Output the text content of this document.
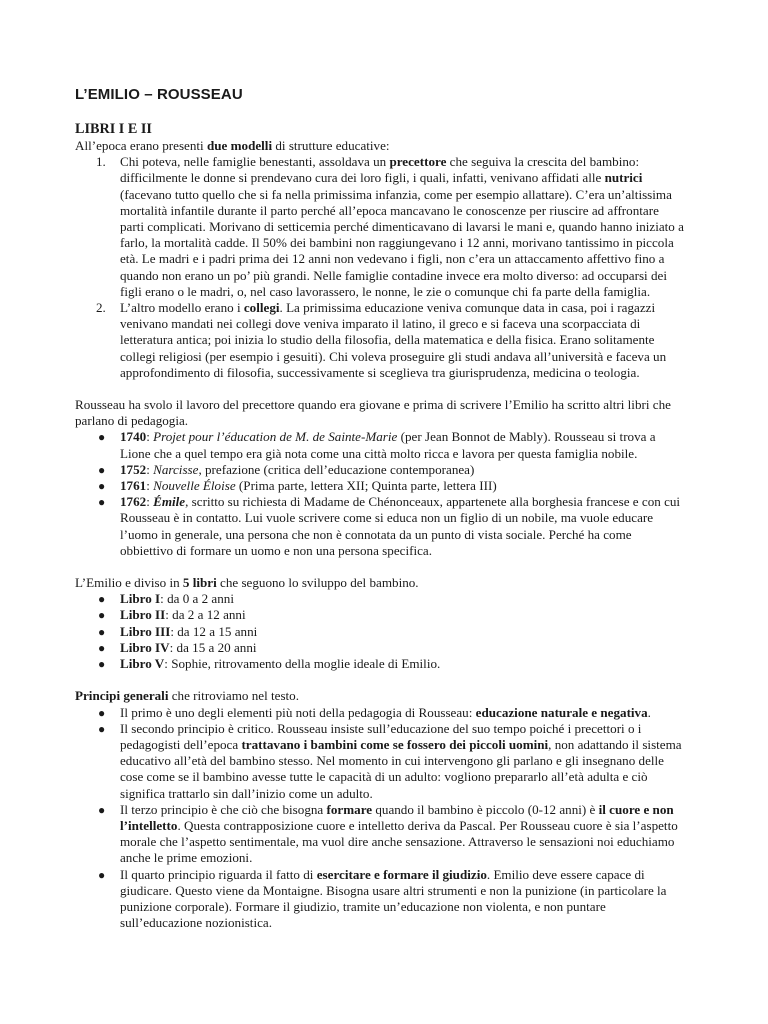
L’EMILIO – ROUSSEAU
LIBRI I E II

All’epoca erano presenti due modelli di strutture educative:

1. Chi poteva, nelle famiglie benestanti, assoldava un precettore che seguiva la crescita del bambino: difficilmente le donne si prendevano cura dei loro figli, i quali, infatti, venivano affidati alle nutrici (facevano tutto quello che si fa nella primissima infanzia, come per esempio allattare). C’era un’altissima mortalità infantile durante il parto perché all’epoca mancavano le conoscenze per riuscire ad affrontare parti complicati. Morivano di setticemia perché dimenticavano di lavarsi le mani e, quando hanno iniziato a farlo, la mortalità cadde. Il 50% dei bambini non raggiungevano i 12 anni, morivano tantissimo in piccola età. Le madri e i padri prima dei 12 anni non vedevano i figli, non c’era un attaccamento affettivo fino a quando non erano un po’ più grandi. Nelle famiglie contadine invece era molto diverso: ad occuparsi dei figli erano o le madri, o, nel caso lavorassero, le nonne, le zie o comunque chi fa parte della famiglia.
2. L’altro modello erano i collegi. La primissima educazione veniva comunque data in casa, poi i ragazzi venivano mandati nei collegi dove veniva imparato il latino, il greco e si faceva una scorpacciata di letteratura antica; poi inizia lo studio della filosofia, della matematica e della fisica. Erano solitamente collegi religiosi (per esempio i gesuiti). Chi voleva proseguire gli studi andava all’università e faceva un approfondimento di filosofia, successivamente si sceglieva tra giurisprudenza, medicina o teologia.

Rousseau ha svolo il lavoro del precettore quando era giovane e prima di scrivere l’Emilio ha scritto altri libri che parlano di pedagogia.

● 1740: Projet pour l’éducation de M. de Sainte-Marie (per Jean Bonnot de Mably). Rousseau si trova a Lione che a quel tempo era già nota come una città molto ricca e lavora per questa famiglia nobile.
● 1752: Narcisse, prefazione (critica dell’educazione contemporanea)
● 1761: Nouvelle Éloise (Prima parte, lettera XII; Quinta parte, lettera III)
● 1762: Émile, scritto su richiesta di Madame de Chénonceaux, appartenete alla borghesia francese e con cui Rousseau è in contatto. Lui vuole scrivere come si educa non un figlio di un nobile, ma vuole educare l’uomo in generale, una persona che non è connotata da un punto di vista sociale. Perché ha come obbiettivo di formare un uomo e non una persona specifica.

L’Emilio e diviso in 5 libri che seguono lo sviluppo del bambino.

● Libro I: da 0 a 2 anni
● Libro II: da 2 a 12 anni
● Libro III: da 12 a 15 anni
● Libro IV: da 15 a 20 anni
● Libro V: Sophie, ritrovamento della moglie ideale di Emilio.

Principi generali che ritroviamo nel testo.

● Il primo è uno degli elementi più noti della pedagogia di Rousseau: educazione naturale e negativa.
● Il secondo principio è critico. Rousseau insiste sull’educazione del suo tempo poiché i precettori o i pedagogisti dell’epoca trattavano i bambini come se fossero dei piccoli uomini, non adattando il sistema educativo all’età del bambino stesso. Nel momento in cui intervengono gli parlano e gli insegnano delle cose come se il bambino avesse tutte le capacità di un adulto: vogliono prepararlo all’età adulta e ciò significa trattarlo sin dall’inizio come un adulto.
● Il terzo principio è che ciò che bisogna formare quando il bambino è piccolo (0-12 anni) è il cuore e non l’intelletto. Questa contrapposizione cuore e intelletto deriva da Pascal. Per Rousseau cuore è sia l’aspetto morale che l’aspetto sentimentale, ma vuol dire anche sensazione. Attraverso le sensazioni noi educhiamo anche le prime emozioni.
● Il quarto principio riguarda il fatto di esercitare e formare il giudizio. Emilio deve essere capace di giudicare. Questo viene da Montaigne. Bisogna usare altri strumenti e non la punizione (in particolare la punizione corporale). Formare il giudizio, tramite un’educazione non violenta, e non puntare sull’educazione nozionistica.
